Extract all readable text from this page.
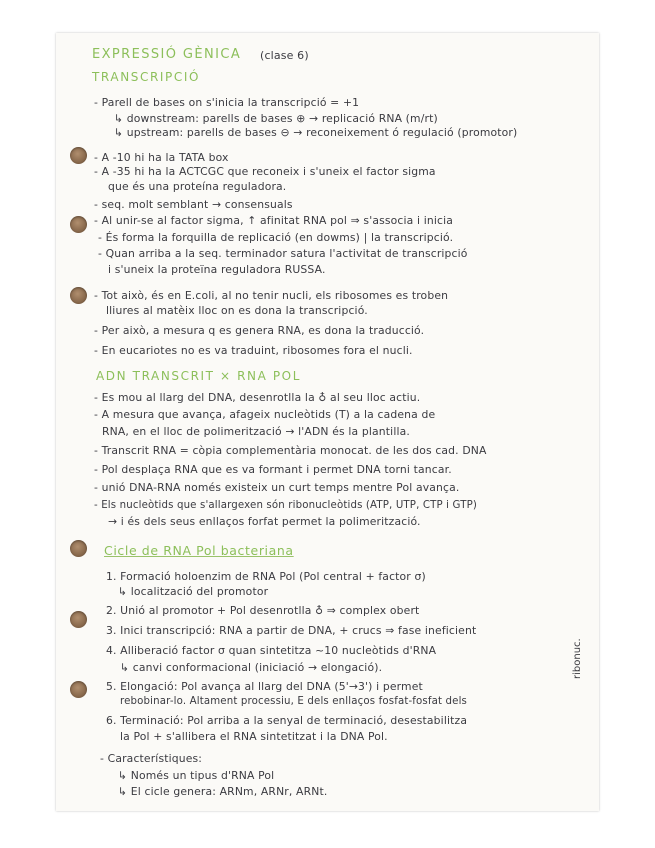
EXPRESSIÓ GÈNICA (clase 6)
TRANSCRIPCIÓ
- Parell de bases on s'inicia la transcripció = +1
↳ downstream: parells de bases ⊕ → replicació RNA (m/rt)
↳ upstream: parells de bases ⊖ → reconeixement ó regulació (promotor)
- A -10 hi ha la TATA box
- A -35 hi ha la ACTCGC que reconeix i s'uneix el factor sigma
que és una proteína reguladora.
- seq. molt semblant → consensuals
- Al unir-se al factor sigma, ↑ afinitat RNA pol ⇒ s'associa i inicia
- És forma la forquilla de replicació (en dowms) | la transcripció.
- Quan arriba a la seq. terminador satura l'activitat de transcripció
i s'uneix la proteïna reguladora RUSSA.
- Tot això, és en E.coli, al no tenir nucli, els ribosomes es troben
lliures al matèix lloc on es dona la transcripció.
- Per això, a mesura q es genera RNA, es dona la traducció.
- En eucariotes no es va traduint, ribosomes fora el nucli.
ADN TRANSCRIT × RNA POL
- Es mou al llarg del DNA, desenrotlla la ♁ al seu lloc actiu.
- A mesura que avança, afageix nucleòtids (T) a la cadena de
RNA, en el lloc de polimerització → l'ADN és la plantilla.
- Transcrit RNA = còpia complementària monocat. de les dos cad. DNA
- Pol desplaça RNA que es va formant i permet DNA torni tancar.
- unió DNA-RNA només existeix un curt temps mentre Pol avança.
- Els nucleòtids que s'allargexen són ribonucleòtids (ATP, UTP, CTP i GTP)
→ i és dels seus enllaços forfat permet la polimerització.
Cicle de RNA Pol bacteriana
1. Formació holoenzim de RNA Pol (Pol central + factor σ)
↳ localització del promotor
2. Unió al promotor + Pol desenrotlla ♁ ⇒ complex obert
3. Inici transcripció: RNA a partir de DNA, + crucs ⇒ fase ineficient
4. Alliberació factor σ quan sintetitza ~10 nucleòtids d'RNA
↳ canvi conformacional (iniciació → elongació).
5. Elongació: Pol avança al llarg del DNA (5'→3') i permet
rebobinar-lo. Altament processiu, E dels enllaços fosfat-fosfat dels
6. Terminació: Pol arriba a la senyal de terminació, desestabilitza
la Pol + s'allibera el RNA sintetitzat i la DNA Pol.
- Característiques:
↳ Només un tipus d'RNA Pol
↳ El cicle genera: ARNm, ARNr, ARNt.
ribonuc.
